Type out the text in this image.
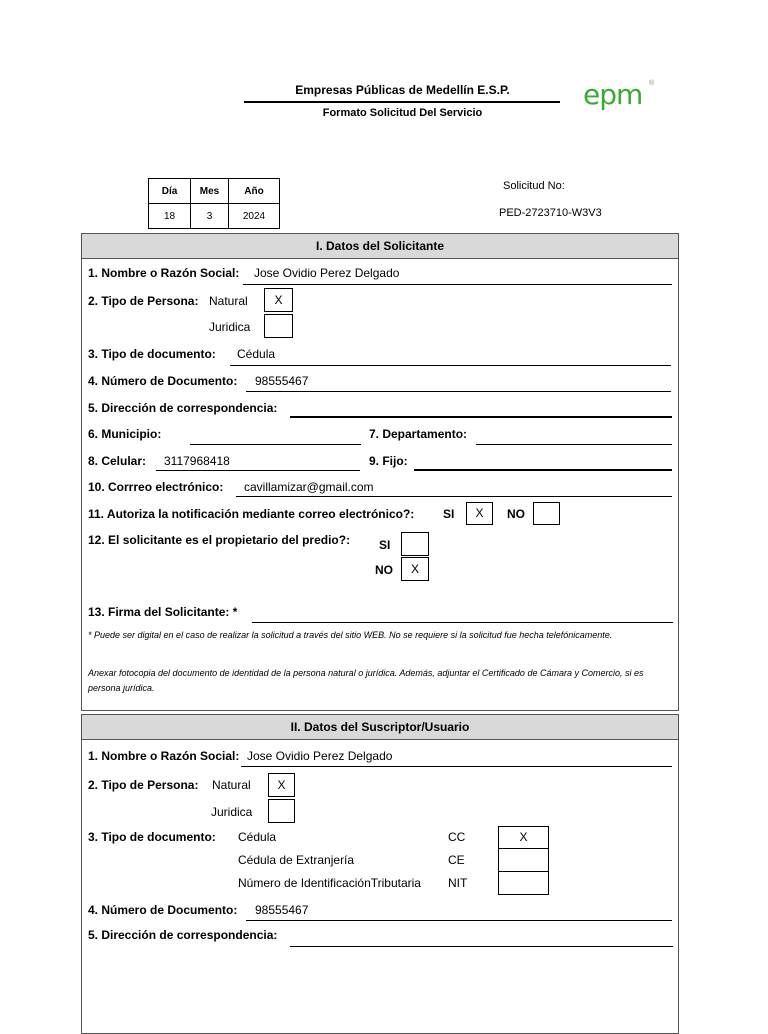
Empresas Públicas de Medellín E.S.P.
Formato Solicitud Del Servicio
epm ®
Día	Mes	Año
18	3	2024
Solicitud No:
PED-2723710-W3V3
I. Datos del Solicitante
1. Nombre o Razón Social: Jose Ovidio Perez Delgado
2. Tipo de Persona: Natural	X
Juridica
3. Tipo de documento: Cédula
4. Número de Documento: 98555467
5. Dirección de correspondencia:
6. Municipio:	7. Departamento:
8. Celular: 3117968418	9. Fijo:
10. Corrreo electrónico: cavillamizar@gmail.com
11. Autoriza la notificación mediante correo electrónico?: SI	X	NO
12. El solicitante es el propietario del predio?: SI
NO	X
13. Firma del Solicitante: *
* Puede ser digital en el caso de realizar la solicitud a través del sitio WEB. No se requiere si la solicitud fue hecha telefónicamente.
Anexar fotocopia del documento de identidad de la persona natural o jurídica. Además, adjuntar el Certificado de Cámara y Comercio, si es persona jurídica.
II. Datos del Suscriptor/Usuario
1. Nombre o Razón Social: Jose Ovidio Perez Delgado
2. Tipo de Persona: Natural	X
Juridica
3. Tipo de documento: Cédula	CC	X
Cédula de Extranjería	CE
Número de IdentificaciónTributaria NIT
4. Número de Documento: 98555467
5. Dirección de correspondencia:
